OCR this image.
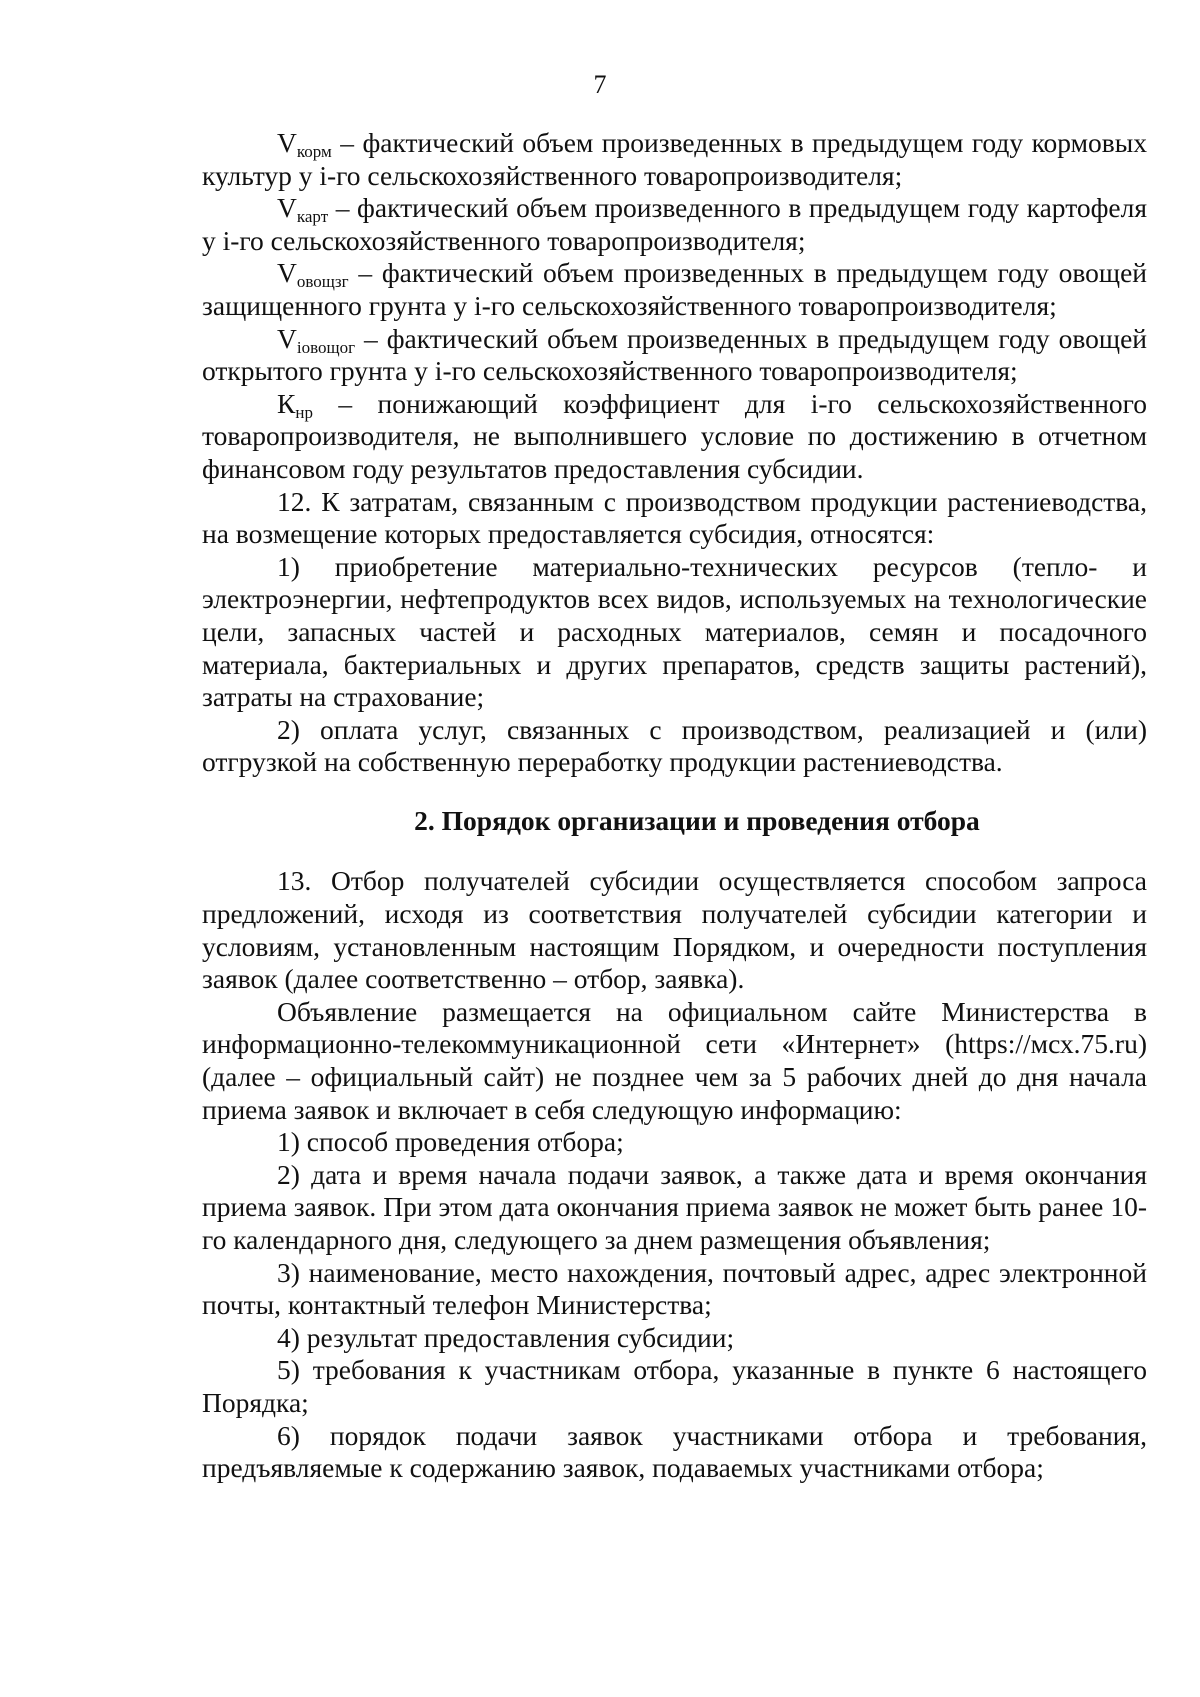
7

$V_{корм}$ – фактический объем произведенных в предыдущем году кормовых культур у i-го сельскохозяйственного товаропроизводителя;

$V_{карт}$ – фактический объем произведенного в предыдущем году картофеля у i-го сельскохозяйственного товаропроизводителя;

$V_{овощзг}$ – фактический объем произведенных в предыдущем году овощей защищенного грунта у i-го сельскохозяйственного товаропроизводителя;

$V_{iовощог}$ – фактический объем произведенных в предыдущем году овощей открытого грунта у i-го сельскохозяйственного товаропроизводителя;

$К_{нр}$ – понижающий коэффициент для i-го сельскохозяйственного товаропроизводителя, не выполнившего условие по достижению в отчетном финансовом году результатов предоставления субсидии.

12. К затратам, связанным с производством продукции растениеводства, на возмещение которых предоставляется субсидия, относятся:

1) приобретение материально-технических ресурсов (тепло- и электроэнергии, нефтепродуктов всех видов, используемых на технологические цели, запасных частей и расходных материалов, семян и посадочного материала, бактериальных и других препаратов, средств защиты растений), затраты на страхование;

2) оплата услуг, связанных с производством, реализацией и (или) отгрузкой на собственную переработку продукции растениеводства.

2. Порядок организации и проведения отбора

13. Отбор получателей субсидии осуществляется способом запроса предложений, исходя из соответствия получателей субсидии категории и условиям, установленным настоящим Порядком, и очередности поступления заявок (далее соответственно – отбор, заявка).

Объявление размещается на официальном сайте Министерства в информационно-телекоммуникационной сети «Интернет» (https://мсх.75.ru) (далее – официальный сайт) не позднее чем за 5 рабочих дней до дня начала приема заявок и включает в себя следующую информацию:

1) способ проведения отбора;

2) дата и время начала подачи заявок, а также дата и время окончания приема заявок. При этом дата окончания приема заявок не может быть ранее 10-го календарного дня, следующего за днем размещения объявления;

3) наименование, место нахождения, почтовый адрес, адрес электронной почты, контактный телефон Министерства;

4) результат предоставления субсидии;

5) требования к участникам отбора, указанные в пункте 6 настоящего Порядка;

6) порядок подачи заявок участниками отбора и требования, предъявляемые к содержанию заявок, подаваемых участниками отбора;
